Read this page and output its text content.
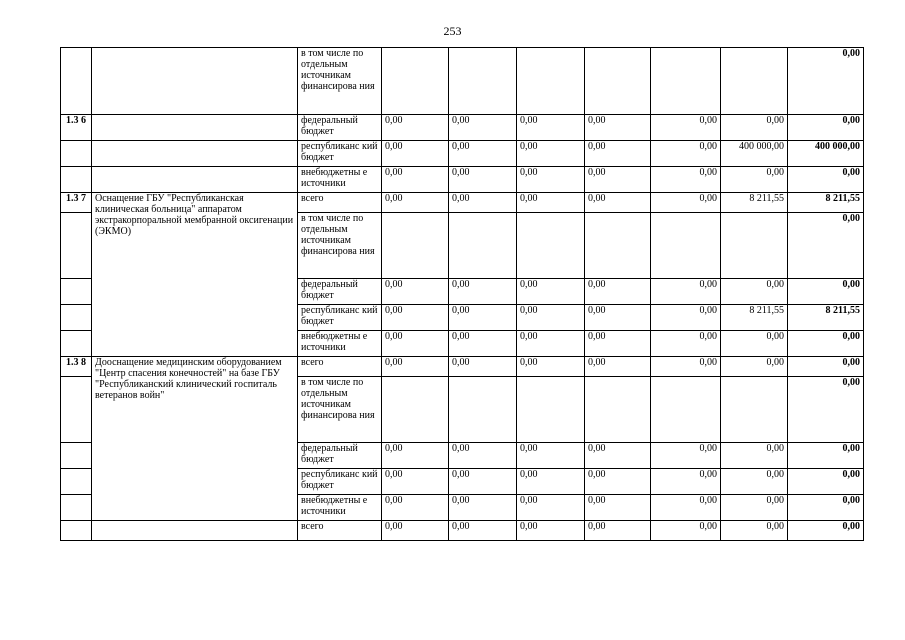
253
		в том числе по отдельным источникам финансирова ния							0,00
1.3 6		федеральный бюджет	0,00	0,00	0,00	0,00	0,00	0,00	0,00
		республиканс кий бюджет	0,00	0,00	0,00	0,00	0,00	400 000,00	400 000,00
		внебюджетны е источники	0,00	0,00	0,00	0,00	0,00	0,00	0,00
1.3 7	Оснащение ГБУ "Республиканская клиническая больница" аппаратом экстракорпоральной мембранной оксигенации (ЭКМО)	всего	0,00	0,00	0,00	0,00	0,00	8 211,55	8 211,55
		в том числе по отдельным источникам финансирова ния							0,00
		федеральный бюджет	0,00	0,00	0,00	0,00	0,00	0,00	0,00
		республиканс кий бюджет	0,00	0,00	0,00	0,00	0,00	8 211,55	8 211,55
		внебюджетны е источники	0,00	0,00	0,00	0,00	0,00	0,00	0,00
1.3 8	Дооснащение медицинским оборудованием "Центр спасения конечностей" на базе ГБУ "Республиканский клинический госпиталь ветеранов войн"	всего	0,00	0,00	0,00	0,00	0,00	0,00	0,00
		в том числе по отдельным источникам финансирова ния							0,00
		федеральный бюджет	0,00	0,00	0,00	0,00	0,00	0,00	0,00
		республиканс кий бюджет	0,00	0,00	0,00	0,00	0,00	0,00	0,00
		внебюджетны е источники	0,00	0,00	0,00	0,00	0,00	0,00	0,00
		всего	0,00	0,00	0,00	0,00	0,00	0,00	0,00
